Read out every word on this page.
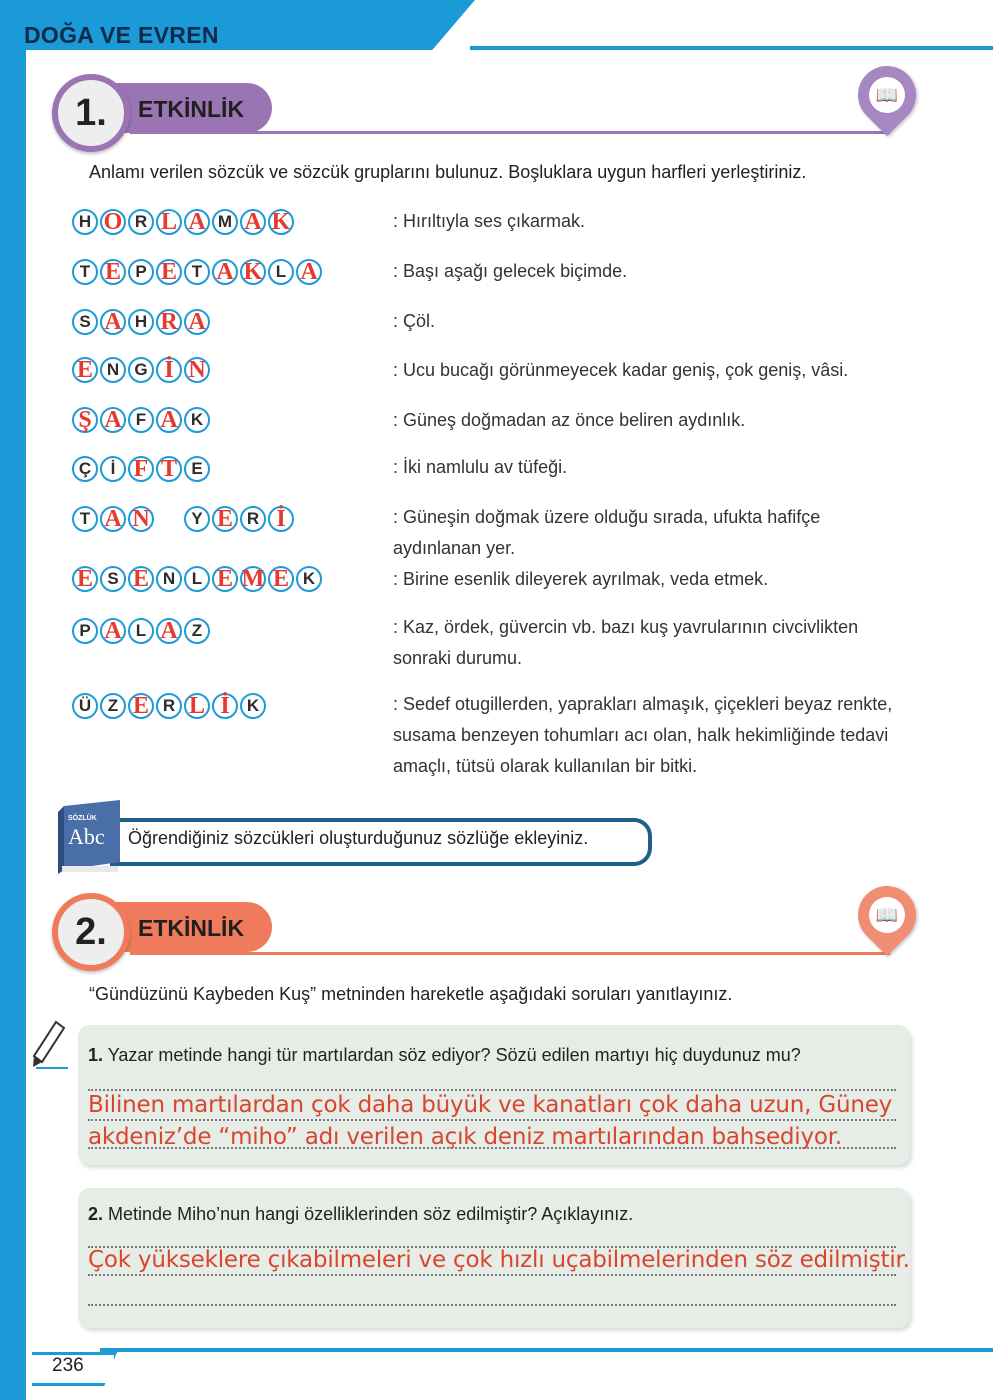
DOĞA VE EVREN
1. ETKİNLİK
📖
Anlamı verilen sözcük ve sözcük gruplarını bulunuz. Boşluklara uygun harfleri yerleştiriniz.
H O R L A M A K	: Hırıltıyla ses çıkarmak.
T E P E T A K L A	: Başı aşağı gelecek biçimde.
S A H R A	: Çöl.
E N G İ N	: Ucu bucağı görünmeyecek kadar geniş, çok geniş, vâsi.
Ş A F A K	: Güneş doğmadan az önce beliren aydınlık.
Ç	İ F T E	: İki namlulu av tüfeği.
T A N	Y E R İ	: Güneşin doğmak üzere olduğu sırada, ufukta hafifçe aydınlanan yer.
E S E N L E M E K	: Birine esenlik dileyerek ayrılmak, veda etmek.
P A L A Z	: Kaz, ördek, güvercin vb. bazı kuş yavrularının civcivlikten sonraki durumu.
Ü Z E R L İ	K	: Sedef otugillerden, yaprakları almaşık, çiçekleri beyaz renkte, susama benzeyen tohumları acı olan, halk hekimliğinde tedavi amaçlı, tütsü olarak kullanılan bir bitki.
SÖZLÜK
Abc Öğrendiğiniz sözcükleri oluşturduğunuz sözlüğe ekleyiniz.
2. ETKİNLİK
📖
“Gündüzünü Kaybeden Kuş” metninden hareketle aşağıdaki soruları yanıtlayınız.
1. Yazar metinde hangi tür martılardan söz ediyor? Sözü edilen martıyı hiç duydunuz mu?
Bilinen martılardan çok daha büyük ve kanatları çok daha uzun, Güney
akdeniz’de “miho” adı verilen açık deniz martılarından bahsediyor.
2. Metinde Miho’nun hangi özelliklerinden söz edilmiştir? Açıklayınız.
Çok yükseklere çıkabilmeleri ve çok hızlı uçabilmelerinden söz edilmiştir.
236
